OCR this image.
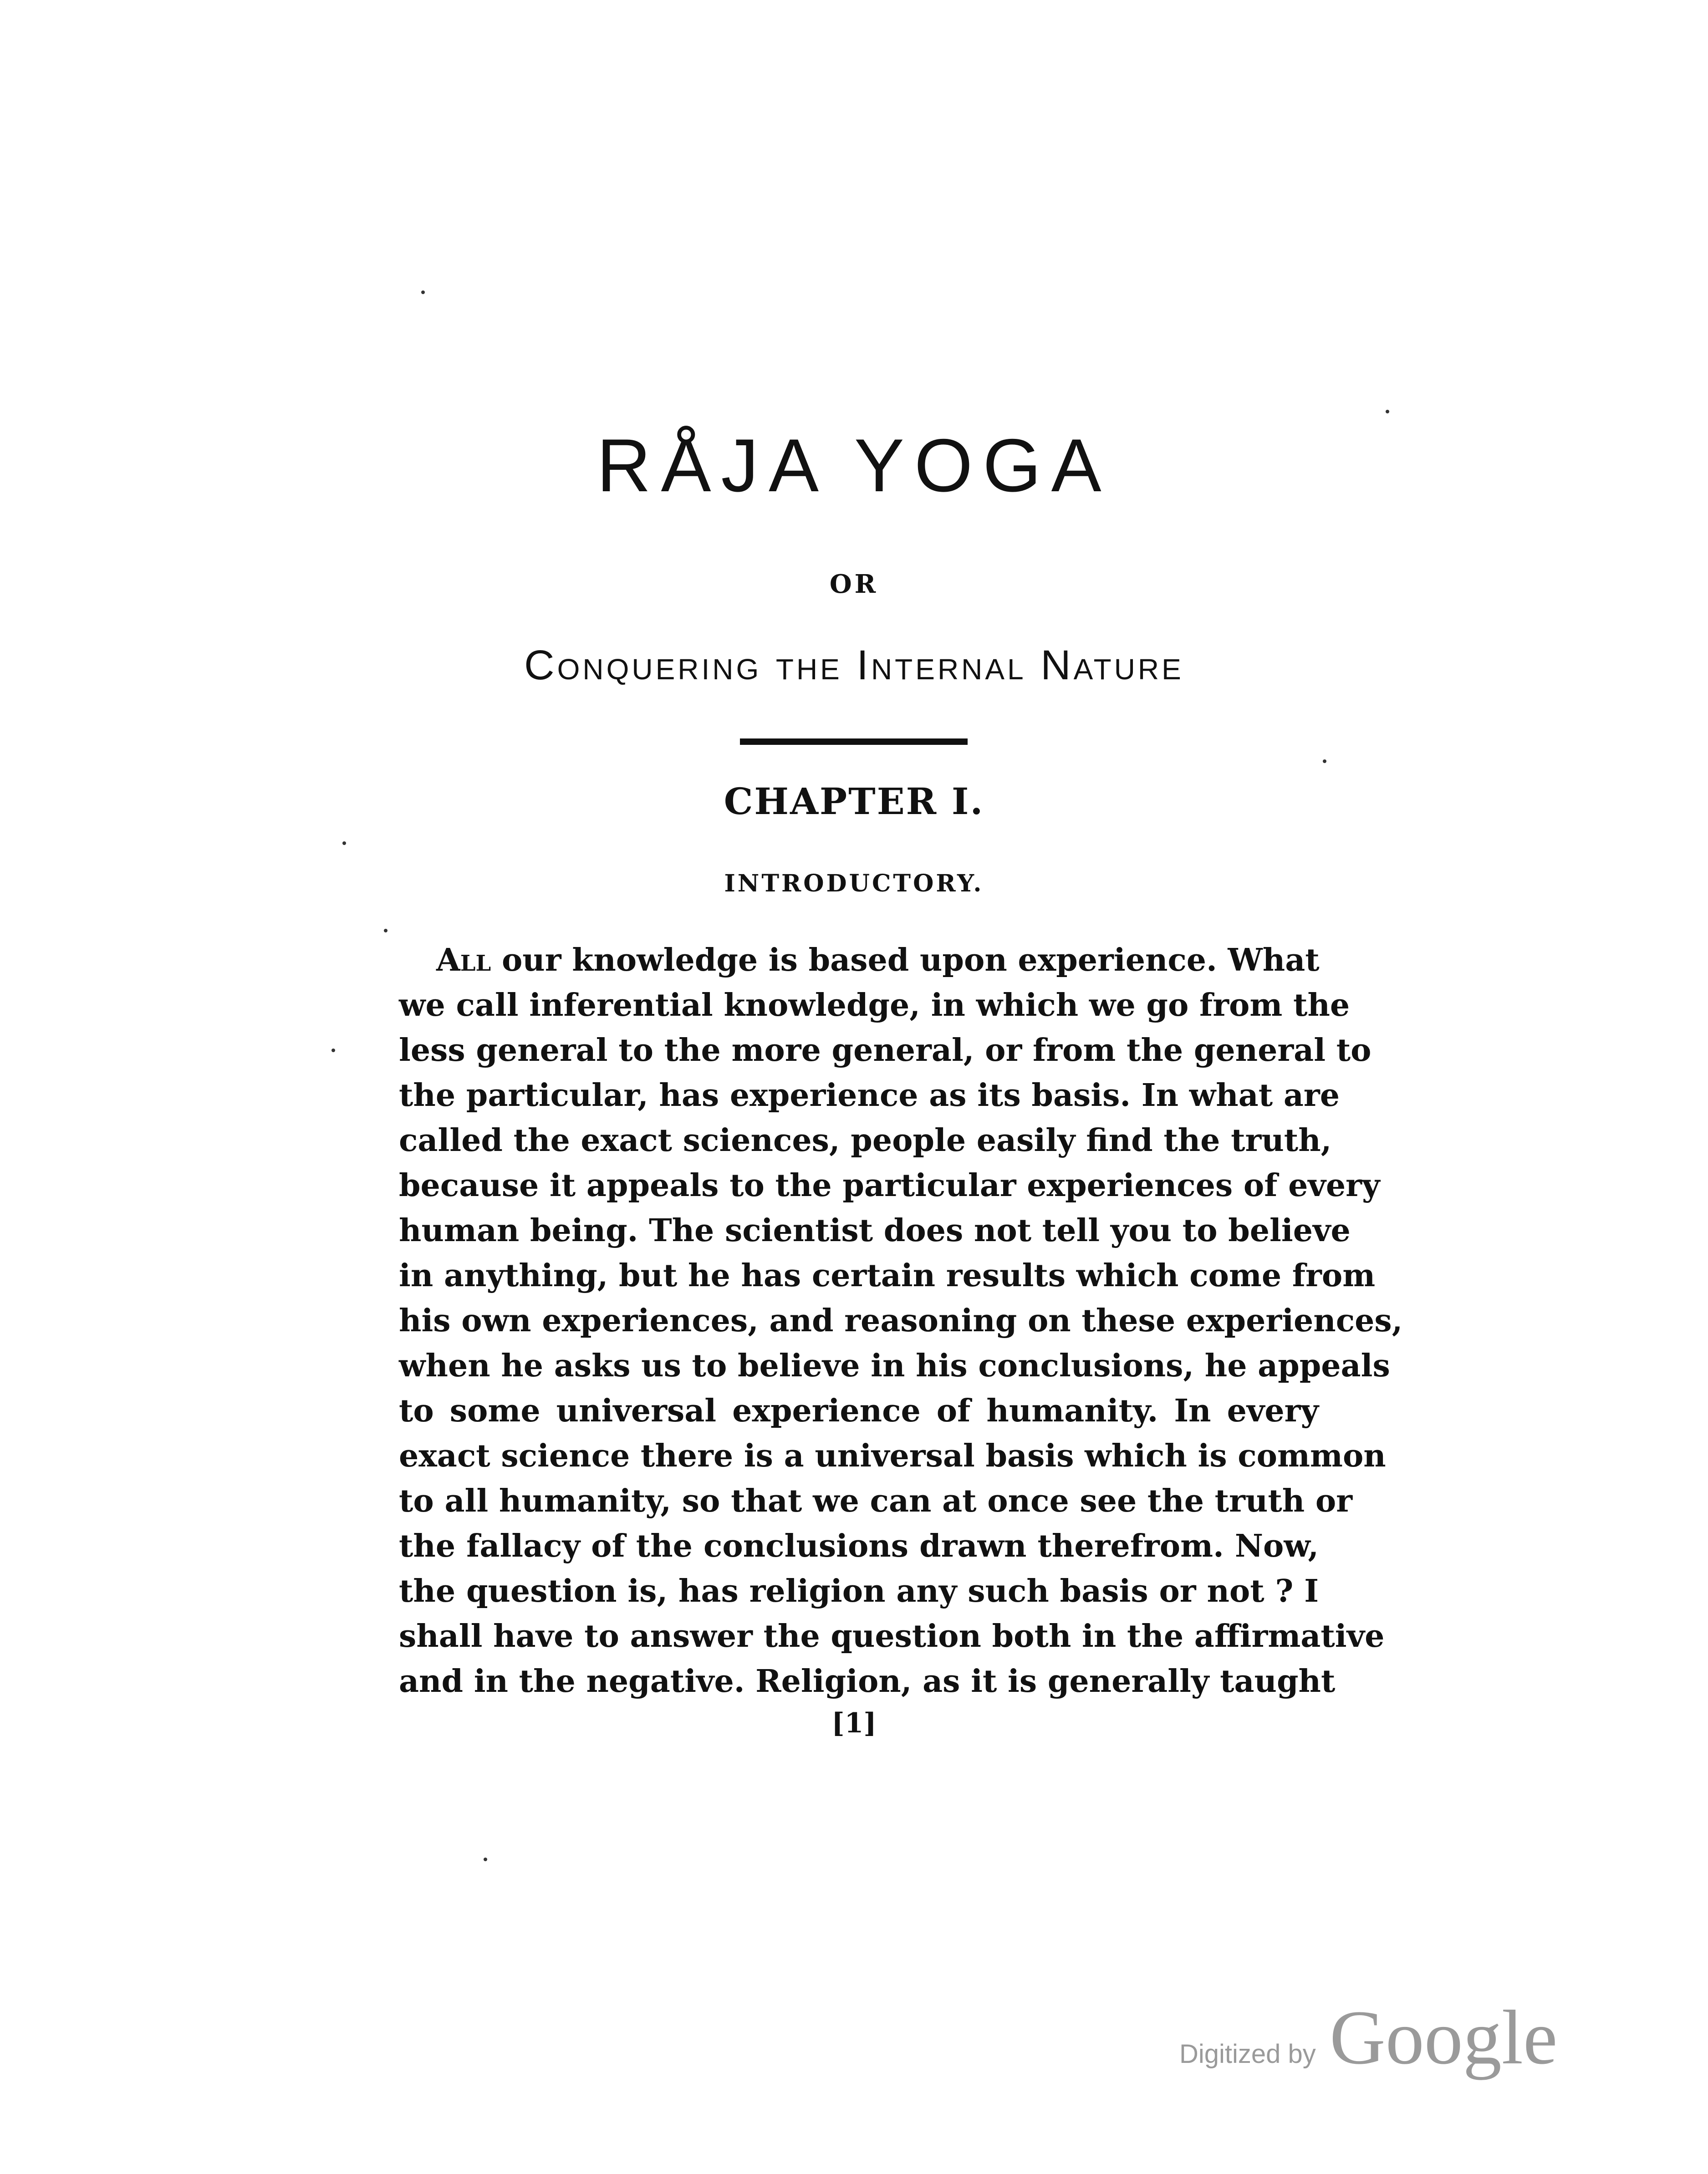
RÅJA YOGA
OR
Conquering the Internal Nature
CHAPTER I.
INTRODUCTORY.
All our knowledge is based upon experience. What
we call inferential knowledge, in which we go from the
less general to the more general, or from the general to
the particular, has experience as its basis. In what are
called the exact sciences, people easily find the truth,
because it appeals to the particular experiences of every
human being. The scientist does not tell you to believe
in anything, but he has certain results which come from
his own experiences, and reasoning on these experiences,
when he asks us to believe in his conclusions, he appeals
to some universal experience of humanity. In every
exact science there is a universal basis which is common
to all humanity, so that we can at once see the truth or
the fallacy of the conclusions drawn therefrom. Now,
the question is, has religion any such basis or not ? I
shall have to answer the question both in the affirmative
and in the negative. Religion, as it is generally taught
[1]
Digitized by Google
